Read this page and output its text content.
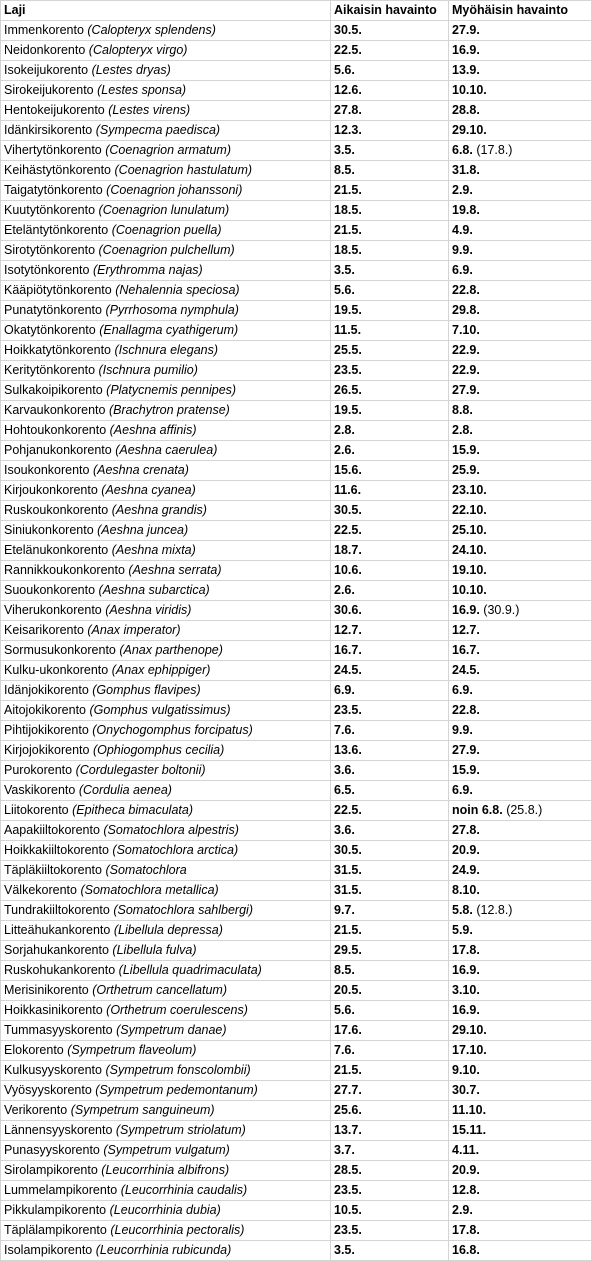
Laji	Aikaisin havainto	Myöhäisin havainto
Immenkorento (Calopteryx splendens)	30.5.	27.9.
Neidonkorento (Calopteryx virgo)	22.5.	16.9.
Isokeijukorento (Lestes dryas)	5.6.	13.9.
Sirokeijukorento (Lestes sponsa)	12.6.	10.10.
Hentokeijukorento (Lestes virens)	27.8.	28.8.
Idänkirsikorento (Sympecma paedisca)	12.3.	29.10.
Vihertytönkorento (Coenagrion armatum)	3.5.	6.8. (17.8.)
Keihästytönkorento (Coenagrion hastulatum)	8.5.	31.8.
Taigatytönkorento (Coenagrion johanssoni)	21.5.	2.9.
Kuutytönkorento (Coenagrion lunulatum)	18.5.	19.8.
Eteläntytönkorento (Coenagrion puella)	21.5.	4.9.
Sirotytönkorento (Coenagrion pulchellum)	18.5.	9.9.
Isotytönkorento (Erythromma najas)	3.5.	6.9.
Kääpiötytönkorento (Nehalennia speciosa)	5.6.	22.8.
Punatytönkorento (Pyrrhosoma nymphula)	19.5.	29.8.
Okatytönkorento (Enallagma cyathigerum)	11.5.	7.10.
Hoikkatytönkorento (Ischnura elegans)	25.5.	22.9.
Keritytönkorento (Ischnura pumilio)	23.5.	22.9.
Sulkakoipikorento (Platycnemis pennipes)	26.5.	27.9.
Karvaukonkorento (Brachytron pratense)	19.5.	8.8.
Hohtoukonkorento (Aeshna affinis)	2.8.	2.8.
Pohjanukonkorento (Aeshna caerulea)	2.6.	15.9.
Isoukonkorento (Aeshna crenata)	15.6.	25.9.
Kirjoukonkorento (Aeshna cyanea)	11.6.	23.10.
Ruskoukonkorento (Aeshna grandis)	30.5.	22.10.
Siniukonkorento (Aeshna juncea)	22.5.	25.10.
Etelänukonkorento (Aeshna mixta)	18.7.	24.10.
Rannikkoukonkorento (Aeshna serrata)	10.6.	19.10.
Suoukonkorento (Aeshna subarctica)	2.6.	10.10.
Viherukonkorento (Aeshna viridis)	30.6.	16.9. (30.9.)
Keisarikorento (Anax imperator)	12.7.	12.7.
Sormusukonkorento (Anax parthenope)	16.7.	16.7.
Kulku-ukonkorento (Anax ephippiger)	24.5.	24.5.
Idänjokikorento (Gomphus flavipes)	6.9.	6.9.
Aitojokikorento (Gomphus vulgatissimus)	23.5.	22.8.
Pihtijokikorento (Onychogomphus forcipatus)	7.6.	9.9.
Kirjojokikorento (Ophiogomphus cecilia)	13.6.	27.9.
Purokorento (Cordulegaster boltonii)	3.6.	15.9.
Vaskikorento (Cordulia aenea)	6.5.	6.9.
Liitokorento (Epitheca bimaculata)	22.5.	noin 6.8. (25.8.)
Aapakiiltokorento (Somatochlora alpestris)	3.6.	27.8.
Hoikkakiiltokorento (Somatochlora arctica)	30.5.	20.9.
Täpläkiiltokorento (Somatochlora	31.5.	24.9.
Välkekorento (Somatochlora metallica)	31.5.	8.10.
Tundrakiiltokorento (Somatochlora sahlbergi)	9.7.	5.8. (12.8.)
Litteähukankorento (Libellula depressa)	21.5.	5.9.
Sorjahukankorento (Libellula fulva)	29.5.	17.8.
Ruskohukankorento (Libellula quadrimaculata)	8.5.	16.9.
Merisinikorento (Orthetrum cancellatum)	20.5.	3.10.
Hoikkasinikorento (Orthetrum coerulescens)	5.6.	16.9.
Tummasyyskorento (Sympetrum danae)	17.6.	29.10.
Elokorento (Sympetrum flaveolum)	7.6.	17.10.
Kulkusyyskorento (Sympetrum fonscolombii)	21.5.	9.10.
Vyösyyskorento (Sympetrum pedemontanum)	27.7.	30.7.
Verikorento (Sympetrum sanguineum)	25.6.	11.10.
Lännensyyskorento (Sympetrum striolatum)	13.7.	15.11.
Punasyyskorento (Sympetrum vulgatum)	3.7.	4.11.
Sirolampikorento (Leucorrhinia albifrons)	28.5.	20.9.
Lummelampikorento (Leucorrhinia caudalis)	23.5.	12.8.
Pikkulampikorento (Leucorrhinia dubia)	10.5.	2.9.
Täplälampikorento (Leucorrhinia pectoralis)	23.5.	17.8.
Isolampikorento (Leucorrhinia rubicunda)	3.5.	16.8.
